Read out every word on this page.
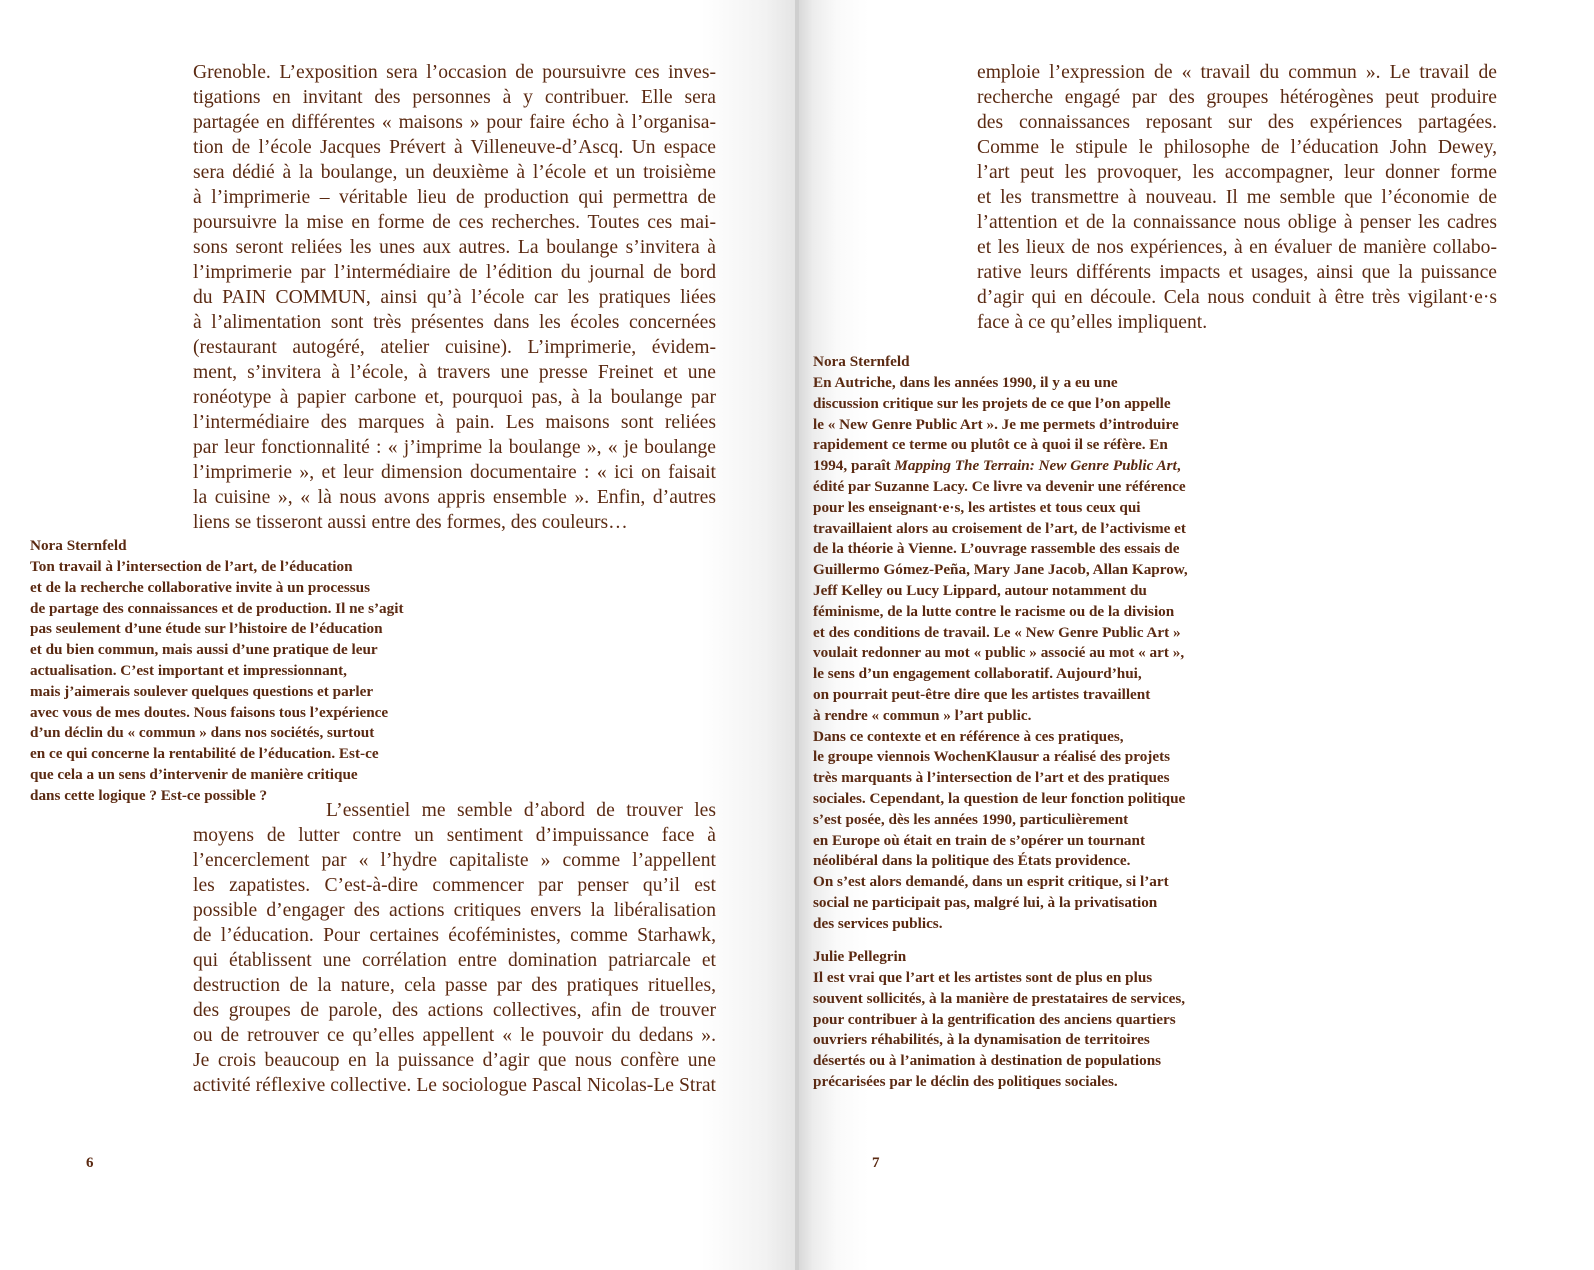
Grenoble. L’exposition sera l’occasion de poursuivre ces inves-
tigations en invitant des personnes à y contribuer. Elle sera
partagée en différentes « maisons » pour faire écho à l’organisa-
tion de l’école Jacques Prévert à Villeneuve-d’Ascq. Un espace
sera dédié à la boulange, un deuxième à l’école et un troisième
à l’imprimerie – véritable lieu de production qui permettra de
poursuivre la mise en forme de ces recherches. Toutes ces mai-
sons seront reliées les unes aux autres. La boulange s’invitera à
l’imprimerie par l’intermédiaire de l’édition du journal de bord
du PAIN COMMUN, ainsi qu’à l’école car les pratiques liées
à l’alimentation sont très présentes dans les écoles concernées
(restaurant autogéré, atelier cuisine). L’imprimerie, évidem-
ment, s’invitera à l’école, à travers une presse Freinet et une
ronéotype à papier carbone et, pourquoi pas, à la boulange par
l’intermédiaire des marques à pain. Les maisons sont reliées
par leur fonctionnalité : « j’imprime la boulange », « je boulange
l’imprimerie », et leur dimension documentaire : « ici on faisait
la cuisine », « là nous avons appris ensemble ». Enfin, d’autres
liens se tisseront aussi entre des formes, des couleurs…
Nora Sternfeld
Ton travail à l’intersection de l’art, de l’éducation
et de la recherche collaborative invite à un processus
de partage des connaissances et de production. Il ne s’agit
pas seulement d’une étude sur l’histoire de l’éducation
et du bien commun, mais aussi d’une pratique de leur
actualisation. C’est important et impressionnant,
mais j’aimerais soulever quelques questions et parler
avec vous de mes doutes. Nous faisons tous l’expérience
d’un déclin du « commun » dans nos sociétés, surtout
en ce qui concerne la rentabilité de l’éducation. Est-ce
que cela a un sens d’intervenir de manière critique
dans cette logique ? Est-ce possible ?
L’essentiel me semble d’abord de trouver les
moyens de lutter contre un sentiment d’impuissance face à
l’encerclement par « l’hydre capitaliste » comme l’appellent
les zapatistes. C’est-à-dire commencer par penser qu’il est
possible d’engager des actions critiques envers la libéralisation
de l’éducation. Pour certaines écoféministes, comme Starhawk,
qui établissent une corrélation entre domination patriarcale et
destruction de la nature, cela passe par des pratiques rituelles,
des groupes de parole, des actions collectives, afin de trouver
ou de retrouver ce qu’elles appellent « le pouvoir du dedans ».
Je crois beaucoup en la puissance d’agir que nous confère une
activité réflexive collective. Le sociologue Pascal Nicolas-Le Strat
6
emploie l’expression de « travail du commun ». Le travail de
recherche engagé par des groupes hétérogènes peut produire
des connaissances reposant sur des expériences partagées.
Comme le stipule le philosophe de l’éducation John Dewey,
l’art peut les provoquer, les accompagner, leur donner forme
et les transmettre à nouveau. Il me semble que l’économie de
l’attention et de la connaissance nous oblige à penser les cadres
et les lieux de nos expériences, à en évaluer de manière collabo-
rative leurs différents impacts et usages, ainsi que la puissance
d’agir qui en découle. Cela nous conduit à être très vigilant·e·s
face à ce qu’elles impliquent.
Nora Sternfeld
En Autriche, dans les années 1990, il y a eu une
discussion critique sur les projets de ce que l’on appelle
le « New Genre Public Art ». Je me permets d’introduire
rapidement ce terme ou plutôt ce à quoi il se réfère. En
1994, paraît Mapping The Terrain: New Genre Public Art,
édité par Suzanne Lacy. Ce livre va devenir une référence
pour les enseignant·e·s, les artistes et tous ceux qui
travaillaient alors au croisement de l’art, de l’activisme et
de la théorie à Vienne. L’ouvrage rassemble des essais de
Guillermo Gómez-Peña, Mary Jane Jacob, Allan Kaprow,
Jeff Kelley ou Lucy Lippard, autour notamment du
féminisme, de la lutte contre le racisme ou de la division
et des conditions de travail. Le « New Genre Public Art »
voulait redonner au mot « public » associé au mot « art »,
le sens d’un engagement collaboratif. Aujourd’hui,
on pourrait peut-être dire que les artistes travaillent
à rendre « commun » l’art public.
Dans ce contexte et en référence à ces pratiques,
le groupe viennois WochenKlausur a réalisé des projets
très marquants à l’intersection de l’art et des pratiques
sociales. Cependant, la question de leur fonction politique
s’est posée, dès les années 1990, particulièrement
en Europe où était en train de s’opérer un tournant
néolibéral dans la politique des États providence.
On s’est alors demandé, dans un esprit critique, si l’art
social ne participait pas, malgré lui, à la privatisation
des services publics.
Julie Pellegrin
Il est vrai que l’art et les artistes sont de plus en plus
souvent sollicités, à la manière de prestataires de services,
pour contribuer à la gentrification des anciens quartiers
ouvriers réhabilités, à la dynamisation de territoires
désertés ou à l’animation à destination de populations
précarisées par le déclin des politiques sociales.
7
